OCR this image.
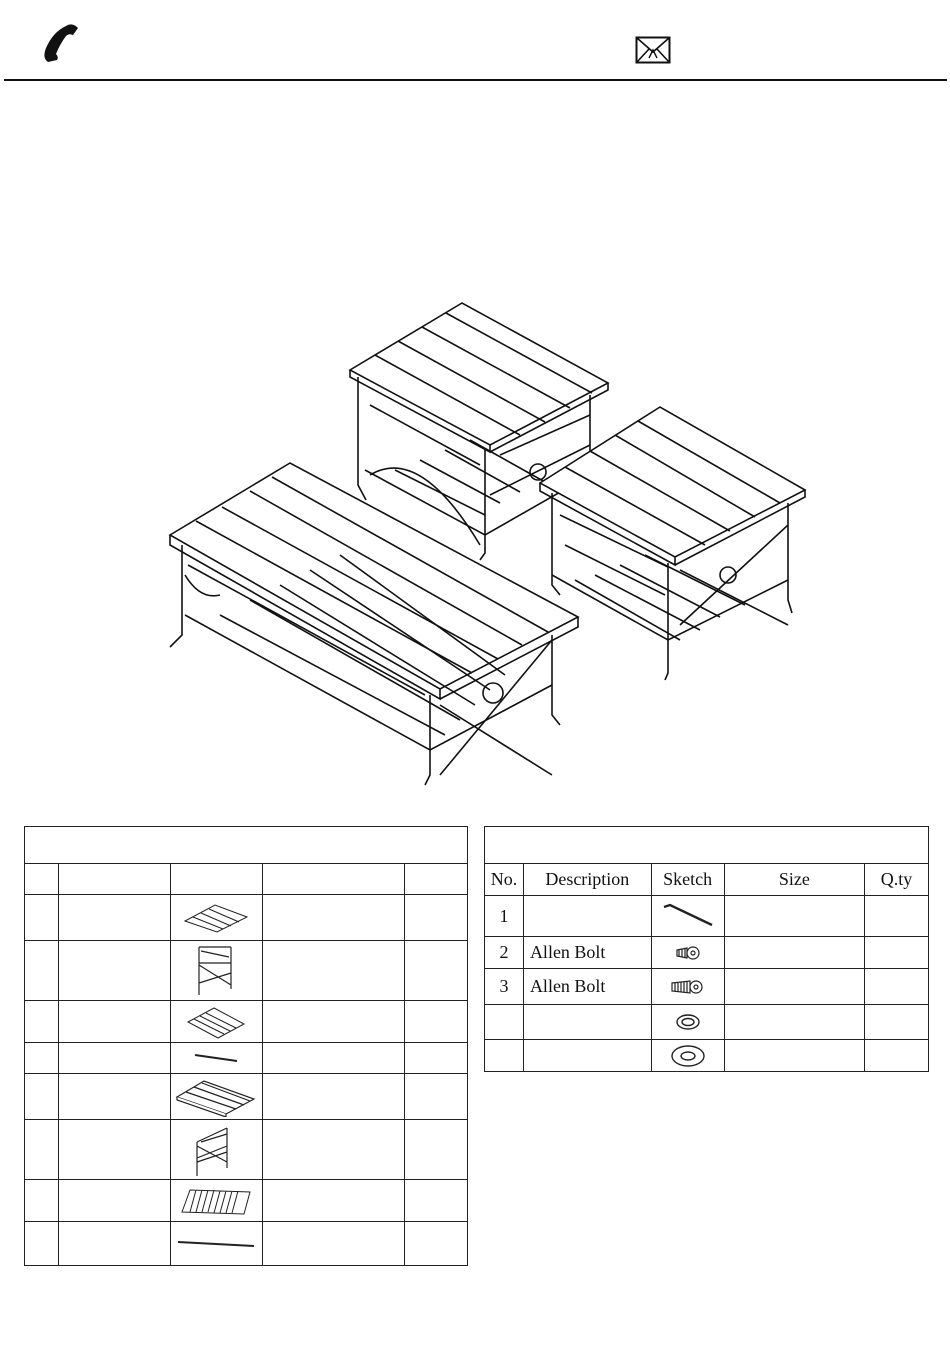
No.	Description	Sketch	Size	Q.ty
1		

2	Allen Bolt	

3	Allen Bolt	
